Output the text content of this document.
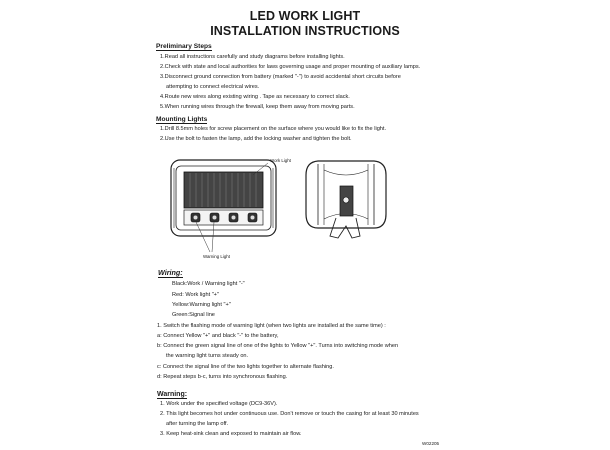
LED WORK LIGHT
INSTALLATION INSTRUCTIONS
Preliminary Steps
1.Read all instructions carefully and study diagrams before installing lights.
2.Check with state and local authorities for laws governing usage and proper mounting of auxiliary lamps.
3.Disconnect ground connection from battery (marked "-") to avoid accidental short circuits before
attempting to connect electrical wires.
4.Route new wires along existing wiring . Tape as necessary to correct slack.
5.When running wires through the firewall, keep them away from moving parts.
Mounting Lights
1.Drill 8.5mm holes for screw placement on the surface where you would like to fix the light.
2.Use the bolt to fasten the lamp, add the locking washer and tighten the bolt.
Work Light
Warning Light
Wiring:
Black:Work / Warning light "-"
Red: Work light "+"
Yellow:Warning light "+"
Green:Signal line
1. Switch the flashing mode of warning light (when two lights are installed at the same time) :
a: Connect Yellow "+" and black "-" to the battery,
b: Connect the green signal line of one of the lights to Yellow "+". Turns into switching mode when
the warning light turns steady on.
c: Connect the signal line of the two lights together to alternate flashing.
d: Repeat steps b-c, turns into synchronous flashing.
Warning:
1. Work under the specified voltage (DC9-36V).
2. This light becomes hot under continuous use. Don't remove or touch the casing for at least 30 minutes
after turning the lamp off.
3. Keep heat-sink clean and exposed to maintain air flow.
W02205
